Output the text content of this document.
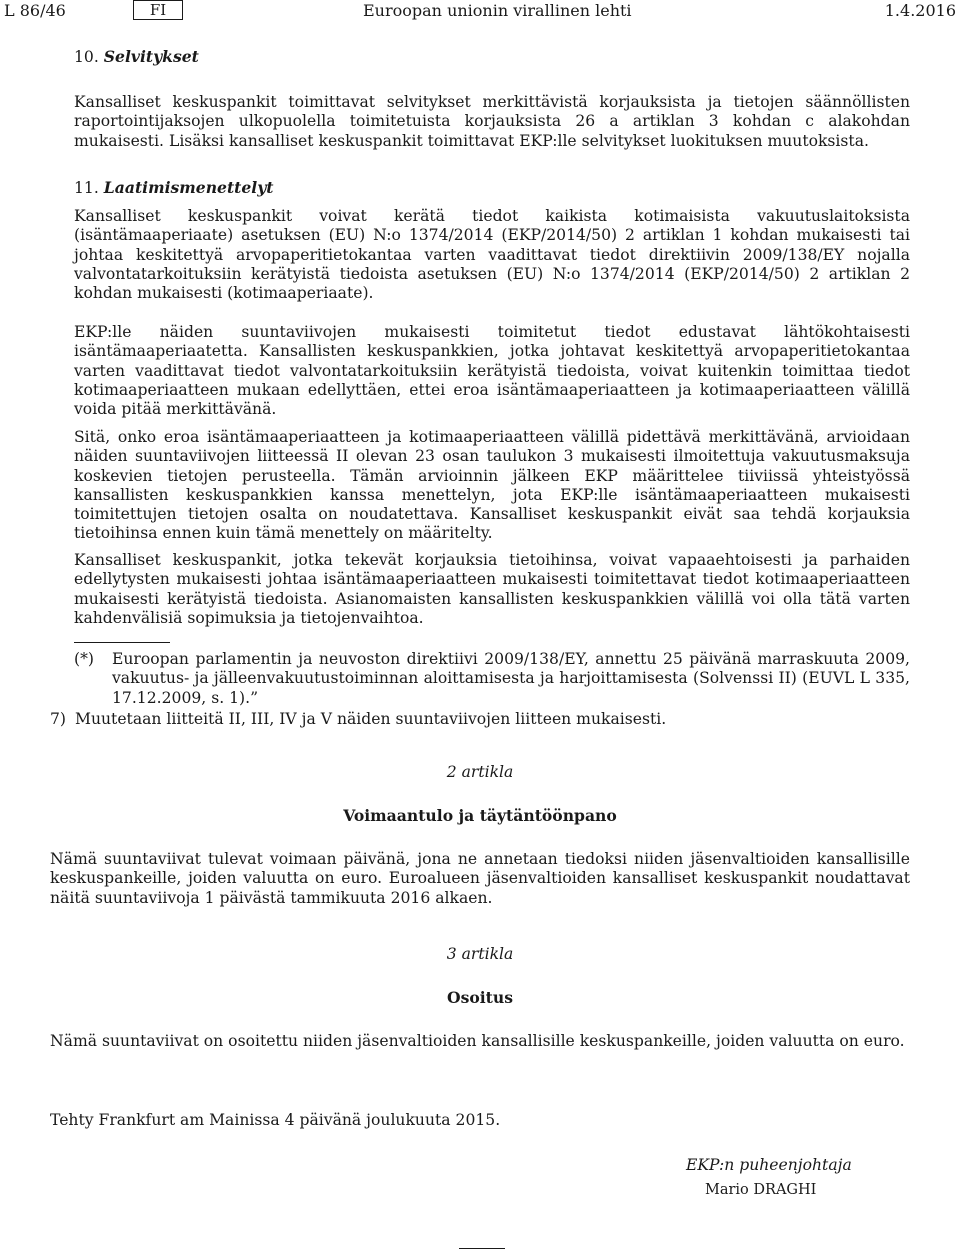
L 86/46	FI	Euroopan unionin virallinen lehti	1.4.2016
10. Selvitykset
Kansalliset keskuspankit toimittavat selvitykset merkittävistä korjauksista ja tietojen säännöllisten raportointijaksojen ulkopuolella toimitetuista korjauksista 26 a artiklan 3 kohdan c alakohdan mukaisesti. Lisäksi kansalliset keskuspankit toimittavat EKP:lle selvitykset luokituksen muutoksista.
11. Laatimismenettelyt
Kansalliset keskuspankit voivat kerätä tiedot kaikista kotimaisista vakuutuslaitoksista (isäntämaaperiaate) asetuksen (EU) N:o 1374/2014 (EKP/2014/50) 2 artiklan 1 kohdan mukaisesti tai johtaa keskitettyä arvopaperitietokantaa varten vaadittavat tiedot direktiivin 2009/138/EY nojalla valvontatarkoituksiin kerätyistä tiedoista asetuksen (EU) N:o 1374/2014 (EKP/2014/50) 2 artiklan 2 kohdan mukaisesti (kotimaaperiaate).
EKP:lle näiden suuntaviivojen mukaisesti toimitetut tiedot edustavat lähtökohtaisesti isäntämaaperiaatetta. Kansallisten keskuspankkien, jotka johtavat keskitettyä arvopaperitietokantaa varten vaadittavat tiedot valvontatarkoituksiin kerätyistä tiedoista, voivat kuitenkin toimittaa tiedot kotimaaperiaatteen mukaan edellyttäen, ettei eroa isäntämaaperiaatteen ja kotimaaperiaatteen välillä voida pitää merkittävänä.
Sitä, onko eroa isäntämaaperiaatteen ja kotimaaperiaatteen välillä pidettävä merkittävänä, arvioidaan näiden suuntaviivojen liitteessä II olevan 23 osan taulukon 3 mukaisesti ilmoitettuja vakuutusmaksuja koskevien tietojen perusteella. Tämän arvioinnin jälkeen EKP määrittelee tiiviissä yhteistyössä kansallisten keskuspankkien kanssa menettelyn, jota EKP:lle isäntämaaperiaatteen mukaisesti toimitettujen tietojen osalta on noudatettava. Kansalliset keskuspankit eivät saa tehdä korjauksia tietoihinsa ennen kuin tämä menettely on määritelty.
Kansalliset keskuspankit, jotka tekevät korjauksia tietoihinsa, voivat vapaaehtoisesti ja parhaiden edellytysten mukaisesti johtaa isäntämaaperiaatteen mukaisesti toimitettavat tiedot kotimaaperiaatteen mukaisesti kerätyistä tiedoista. Asianomaisten kansallisten keskuspankkien välillä voi olla tätä varten kahdenvälisiä sopimuksia ja tietojenvaihtoa.
(*) Euroopan parlamentin ja neuvoston direktiivi 2009/138/EY, annettu 25 päivänä marraskuuta 2009, vakuutus- ja jälleenvakuutustoiminnan aloittamisesta ja harjoittamisesta (Solvenssi II) (EUVL L 335, 17.12.2009, s. 1).”
7) Muutetaan liitteitä II, III, IV ja V näiden suuntaviivojen liitteen mukaisesti.
2 artikla
Voimaantulo ja täytäntöönpano
Nämä suuntaviivat tulevat voimaan päivänä, jona ne annetaan tiedoksi niiden jäsenvaltioiden kansallisille keskuspankeille, joiden valuutta on euro. Euroalueen jäsenvaltioiden kansalliset keskuspankit noudattavat näitä suuntaviivoja 1 päivästä tammikuuta 2016 alkaen.
3 artikla
Osoitus
Nämä suuntaviivat on osoitettu niiden jäsenvaltioiden kansallisille keskuspankeille, joiden valuutta on euro.
Tehty Frankfurt am Mainissa 4 päivänä joulukuuta 2015.
EKP:n puheenjohtaja
Mario DRAGHI
